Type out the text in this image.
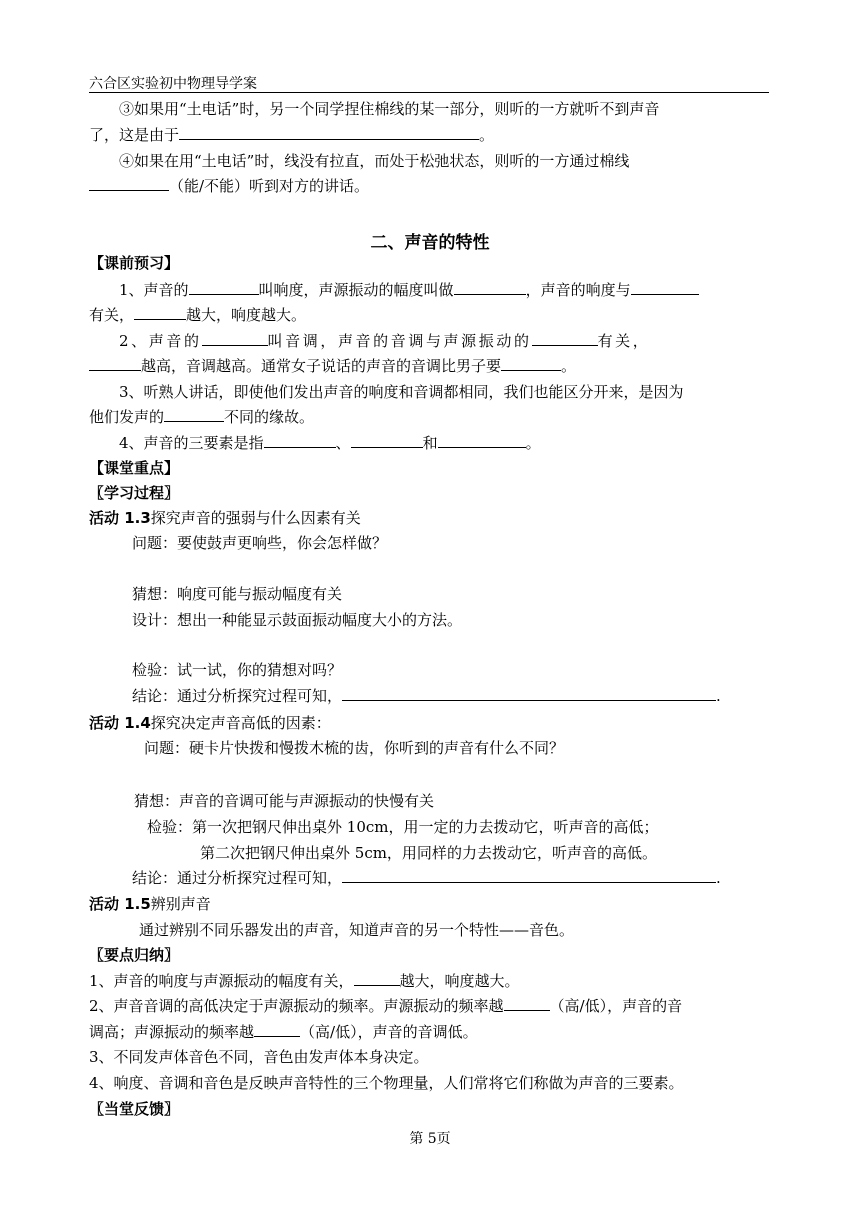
六合区实验初中物理导学案
③如果用“土电话”时，另一个同学捏住棉线的某一部分，则听的一方就听不到声音
了，这是由于	。
④如果在用“土电话”时，线没有拉直，而处于松弛状态，则听的一方通过棉线
（能/不能）听到对方的讲话。
二、声音的特性
【课前预习】
1、声音的	叫响度，声源振动的幅度叫做	，声音的响度与
有关，	越大，响度越大。
2、声音的	叫音调，声音的音调与声源振动的	有关，
越高，音调越高。通常女子说话的声音的音调比男子要	。
3、听熟人讲话，即使他们发出声音的响度和音调都相同，我们也能区分开来，是因为
他们发声的	不同的缘故。
4、声音的三要素是指	、	和	。
【课堂重点】
〖学习过程〗
活动 1.3探究声音的强弱与什么因素有关
问题：要使鼓声更响些，你会怎样做？
猜想：响度可能与振动幅度有关
设计：想出一种能显示鼓面振动幅度大小的方法。
检验：试一试，你的猜想对吗？
结论：通过分析探究过程可知，	.
活动 1.4探究决定声音高低的因素：
问题：硬卡片快拨和慢拨木梳的齿，你听到的声音有什么不同？
猜想：声音的音调可能与声源振动的快慢有关
检验：第一次把钢尺伸出桌外 10cm，用一定的力去拨动它，听声音的高低；
第二次把钢尺伸出桌外 5cm，用同样的力去拨动它，听声音的高低。
结论：通过分析探究过程可知，	.
活动 1.5辨别声音
通过辨别不同乐器发出的声音，知道声音的另一个特性——音色。
〖要点归纳〗
1、声音的响度与声源振动的幅度有关，	越大，响度越大。
2、声音音调的高低决定于声源振动的频率。声源振动的频率越	（高/低），声音的音
调高；声源振动的频率越	（高/低），声音的音调低。
3、不同发声体音色不同，音色由发声体本身决定。
4、响度、音调和音色是反映声音特性的三个物理量，人们常将它们称做为声音的三要素。
〖当堂反馈〗
第 5页
